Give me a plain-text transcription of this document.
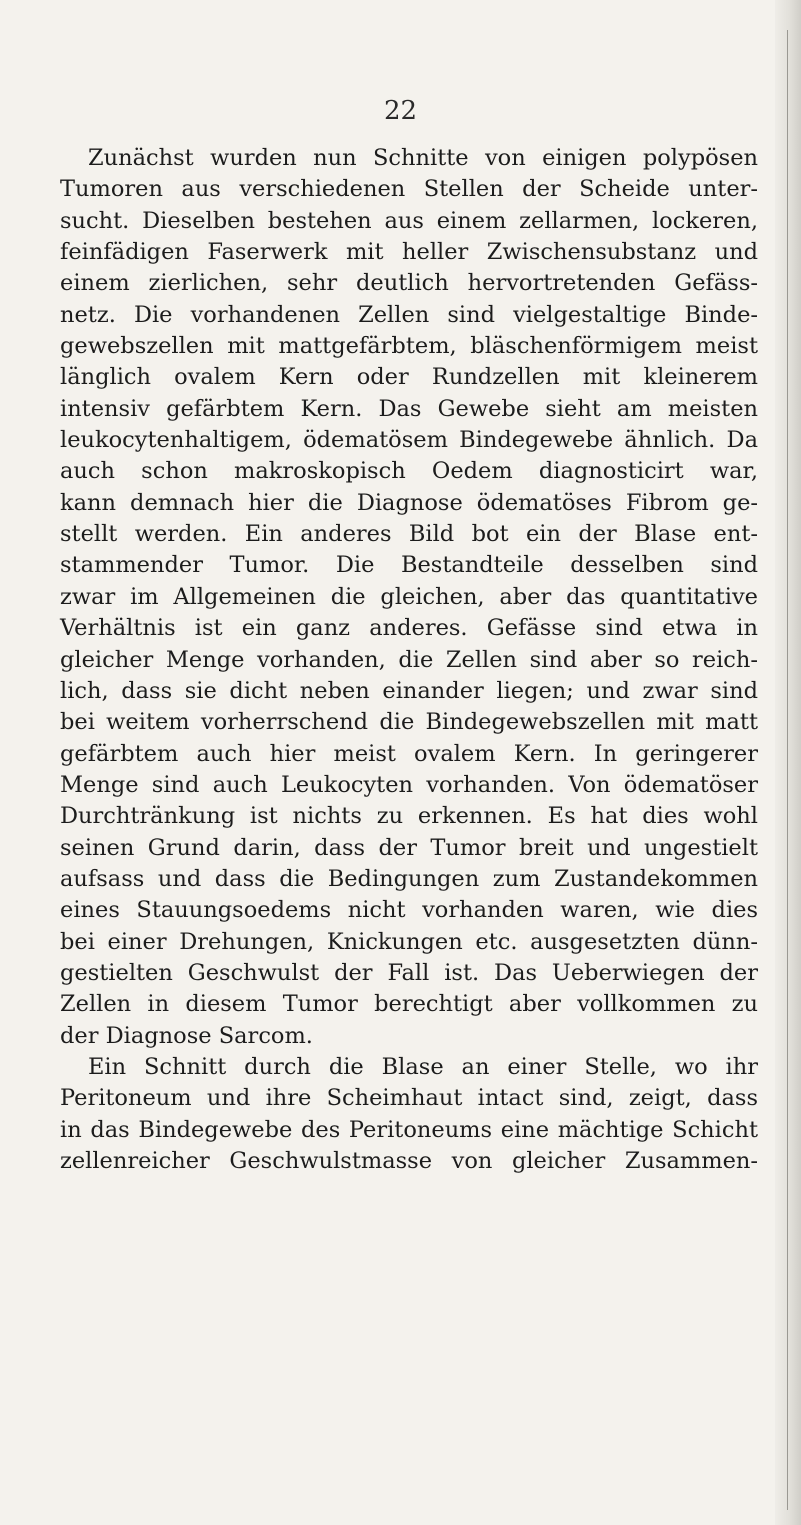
22
Zunächst wurden nun Schnitte von einigen polypösen
Tumoren aus verschiedenen Stellen der Scheide unter-
sucht. Dieselben bestehen aus einem zellarmen, lockeren,
feinfädigen Faserwerk mit heller Zwischensubstanz und
einem zierlichen, sehr deutlich hervortretenden Gefäss-
netz. Die vorhandenen Zellen sind vielgestaltige Binde-
gewebszellen mit mattgefärbtem, bläschenförmigem meist
länglich ovalem Kern oder Rundzellen mit kleinerem
intensiv gefärbtem Kern. Das Gewebe sieht am meisten
leukocytenhaltigem, ödematösem Bindegewebe ähnlich. Da
auch schon makroskopisch Oedem diagnosticirt war,
kann demnach hier die Diagnose ödematöses Fibrom ge-
stellt werden. Ein anderes Bild bot ein der Blase ent-
stammender Tumor. Die Bestandteile desselben sind
zwar im Allgemeinen die gleichen, aber das quantitative
Verhältnis ist ein ganz anderes. Gefässe sind etwa in
gleicher Menge vorhanden, die Zellen sind aber so reich-
lich, dass sie dicht neben einander liegen; und zwar sind
bei weitem vorherrschend die Bindegewebszellen mit matt
gefärbtem auch hier meist ovalem Kern. In geringerer
Menge sind auch Leukocyten vorhanden. Von ödematöser
Durchtränkung ist nichts zu erkennen. Es hat dies wohl
seinen Grund darin, dass der Tumor breit und ungestielt
aufsass und dass die Bedingungen zum Zustandekommen
eines Stauungsoedems nicht vorhanden waren, wie dies
bei einer Drehungen, Knickungen etc. ausgesetzten dünn-
gestielten Geschwulst der Fall ist. Das Ueberwiegen der
Zellen in diesem Tumor berechtigt aber vollkommen zu
der Diagnose Sarcom.
Ein Schnitt durch die Blase an einer Stelle, wo ihr
Peritoneum und ihre Scheimhaut intact sind, zeigt, dass
in das Bindegewebe des Peritoneums eine mächtige Schicht
zellenreicher Geschwulstmasse von gleicher Zusammen-
